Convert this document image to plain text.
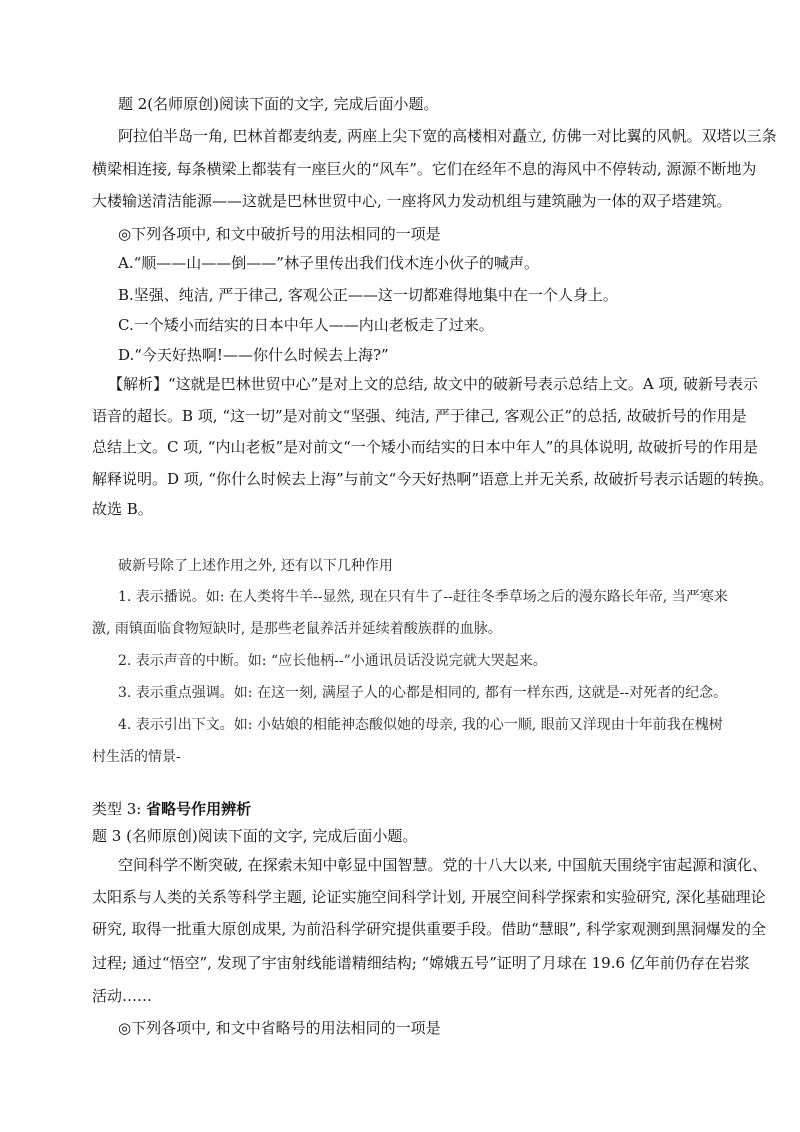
题 2(名师原创)阅读下面的文字, 完成后面小题。
阿拉伯半岛一角, 巴林首都麦纳麦, 两座上尖下宽的高楼相对矗立, 仿佛一对比翼的风帆。双塔以三条
横梁相连接, 每条横梁上都装有一座巨火的“风车”。它们在经年不息的海风中不停转动, 源源不断地为
大楼输送清洁能源——这就是巴林世贸中心, 一座将风力发动机组与建筑融为一体的双子塔建筑。
◎下列各项中, 和文中破折号的用法相同的一项是
A.“顺——山——倒——”林子里传出我们伐木连小伙子的喊声。
B.坚强、纯洁, 严于律己, 客观公正——这一切都难得地集中在一个人身上。
C.一个矮小而结实的日本中年人——内山老板走了过来。
D.“今天好热啊!——你什么时候去上海?”
【解析】“这就是巴林世贸中心”是对上文的总结, 故文中的破新号表示总结上文。A 项, 破新号表示
语音的超长。B 项, “这一切”是对前文“坚强、纯洁, 严于律己, 客观公正”的总括, 故破折号的作用是
总结上文。C 项, “内山老板”是对前文“一个矮小而结实的日本中年人”的具体说明, 故破折号的作用是
解释说明。D 项, “你什么时候去上海”与前文“今天好热啊”语意上并无关系, 故破折号表示话题的转换。
故选 B。
破新号除了上述作用之外, 还有以下几种作用
1. 表示播说。如: 在人类将牛羊--显然, 现在只有牛了--赶往冬季草场之后的漫东路长年帝, 当严寒来
激, 雨镇面临食物短缺时, 是那些老鼠养活并延续着酸族群的血脉。
2. 表示声音的中断。如: “应长他柄--”小通讯员话没说完就大哭起来。
3. 表示重点强调。如: 在这一刻, 满屋子人的心都是相同的, 都有一样东西, 这就是--对死者的纪念。
4. 表示引出下文。如: 小姑娘的相能神态酸似她的母亲, 我的心一顺, 眼前又洋现由十年前我在槐树
村生活的情景-
类型 3: 省略号作用辨析
题 3 (名师原创)阅读下面的文字, 完成后面小题。
空间科学不断突破, 在探索未知中彰显中国智慧。党的十八大以来, 中国航天围绕宇宙起源和演化、
太阳系与人类的关系等科学主题, 论证实施空间科学计划, 开展空间科学探索和实验研究, 深化基础理论
研究, 取得一批重大原创成果, 为前沿科学研究提供重要手段。借助“慧眼”, 科学家观测到黑洞爆发的全
过程; 通过“悟空”, 发现了宇宙射线能谱精细结构; “嫦娥五号”证明了月球在 19.6 亿年前仍存在岩浆
活动……
◎下列各项中, 和文中省略号的用法相同的一项是
